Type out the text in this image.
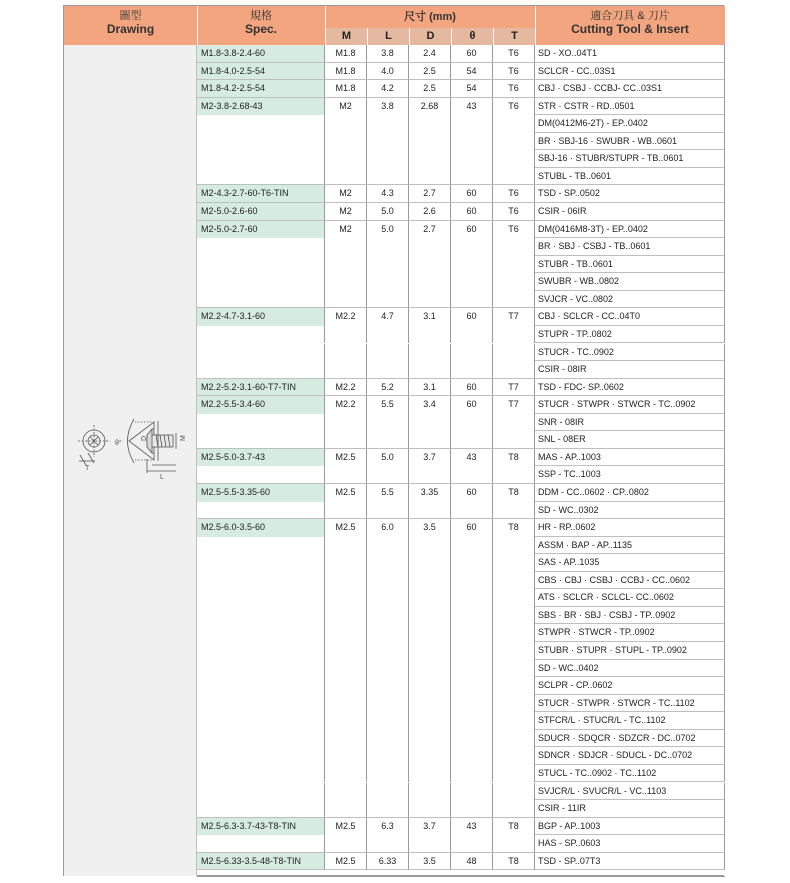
圖型
Drawing
規格
Spec.
尺寸 (mm)
M	L	D	θ	T
適合刀具 & 刀片
Cutting Tool & Insert
θ°
D	M
L
T
M1.8-3.8-2.4-60	M1.8	3.8	2.4	60	T6	SD - XO..04T1
M1.8-4.0-2.5-54	M1.8	4.0	2.5	54	T6	SCLCR - CC..03S1
M1.8-4.2-2.5-54	M1.8	4.2	2.5	54	T6	CBJ · CSBJ · CCBJ- CC..03S1
M2-3.8-2.68-43	M2	3.8	2.68	43	T6	STR · CSTR - RD..0501
DM(0412M6-2T) - EP..0402
BR · SBJ-16 · SWUBR - WB..0601
SBJ-16 · STUBR/STUPR - TB..0601
STUBL - TB..0601
M2-4.3-2.7-60-T6-TIN	M2	4.3	2.7	60	T6	TSD - SP..0502
M2-5.0-2.6-60	M2	5.0	2.6	60	T6	CSIR - 06IR
M2-5.0-2.7-60	M2	5.0	2.7	60	T6	DM(0416M8-3T) - EP..0402
BR · SBJ · CSBJ - TB..0601
STUBR - TB..0601
SWUBR - WB..0802
SVJCR - VC..0802
M2.2-4.7-3.1-60	M2.2	4.7	3.1	60	T7	CBJ · SCLCR - CC..04T0
STUPR - TP..0802
STUCR - TC..0902
CSIR - 08IR
M2.2-5.2-3.1-60-T7-TIN	M2.2	5.2	3.1	60	T7	TSD - FDC- SP..0602
M2.2-5.5-3.4-60	M2.2	5.5	3.4	60	T7	STUCR · STWPR · STWCR - TC..0902
SNR - 08IR
SNL - 08ER
M2.5-5.0-3.7-43	M2.5	5.0	3.7	43	T8	MAS - AP..1003
SSP - TC..1003
M2.5-5.5-3.35-60	M2.5	5.5	3.35	60	T8	DDM - CC..0602 · CP..0802
SD - WC..0302
M2.5-6.0-3.5-60	M2.5	6.0	3.5	60	T8	HR - RP..0602
ASSM · BAP - AP..1135
SAS - AP..1035
CBS · CBJ · CSBJ · CCBJ - CC..0602
ATS · SCLCR · SCLCL- CC..0602
SBS · BR · SBJ · CSBJ - TP..0902
STWPR · STWCR - TP..0902
STUBR · STUPR · STUPL - TP..0902
SD - WC..0402
SCLPR - CP..0602
STUCR · STWPR · STWCR - TC..1102
STFCR/L · STUCR/L - TC..1102
SDUCR · SDQCR · SDZCR - DC..0702
SDNCR · SDJCR · SDUCL - DC..0702
STUCL - TC..0902 · TC..1102
SVJCR/L · SVUCR/L - VC..1103
CSIR - 11IR
M2.5-6.3-3.7-43-T8-TIN	M2.5	6.3	3.7	43	T8	BGP - AP..1003
HAS - SP..0603
M2.5-6.33-3.5-48-T8-TIN	M2.5	6.33	3.5	48	T8	TSD - SP..07T3
